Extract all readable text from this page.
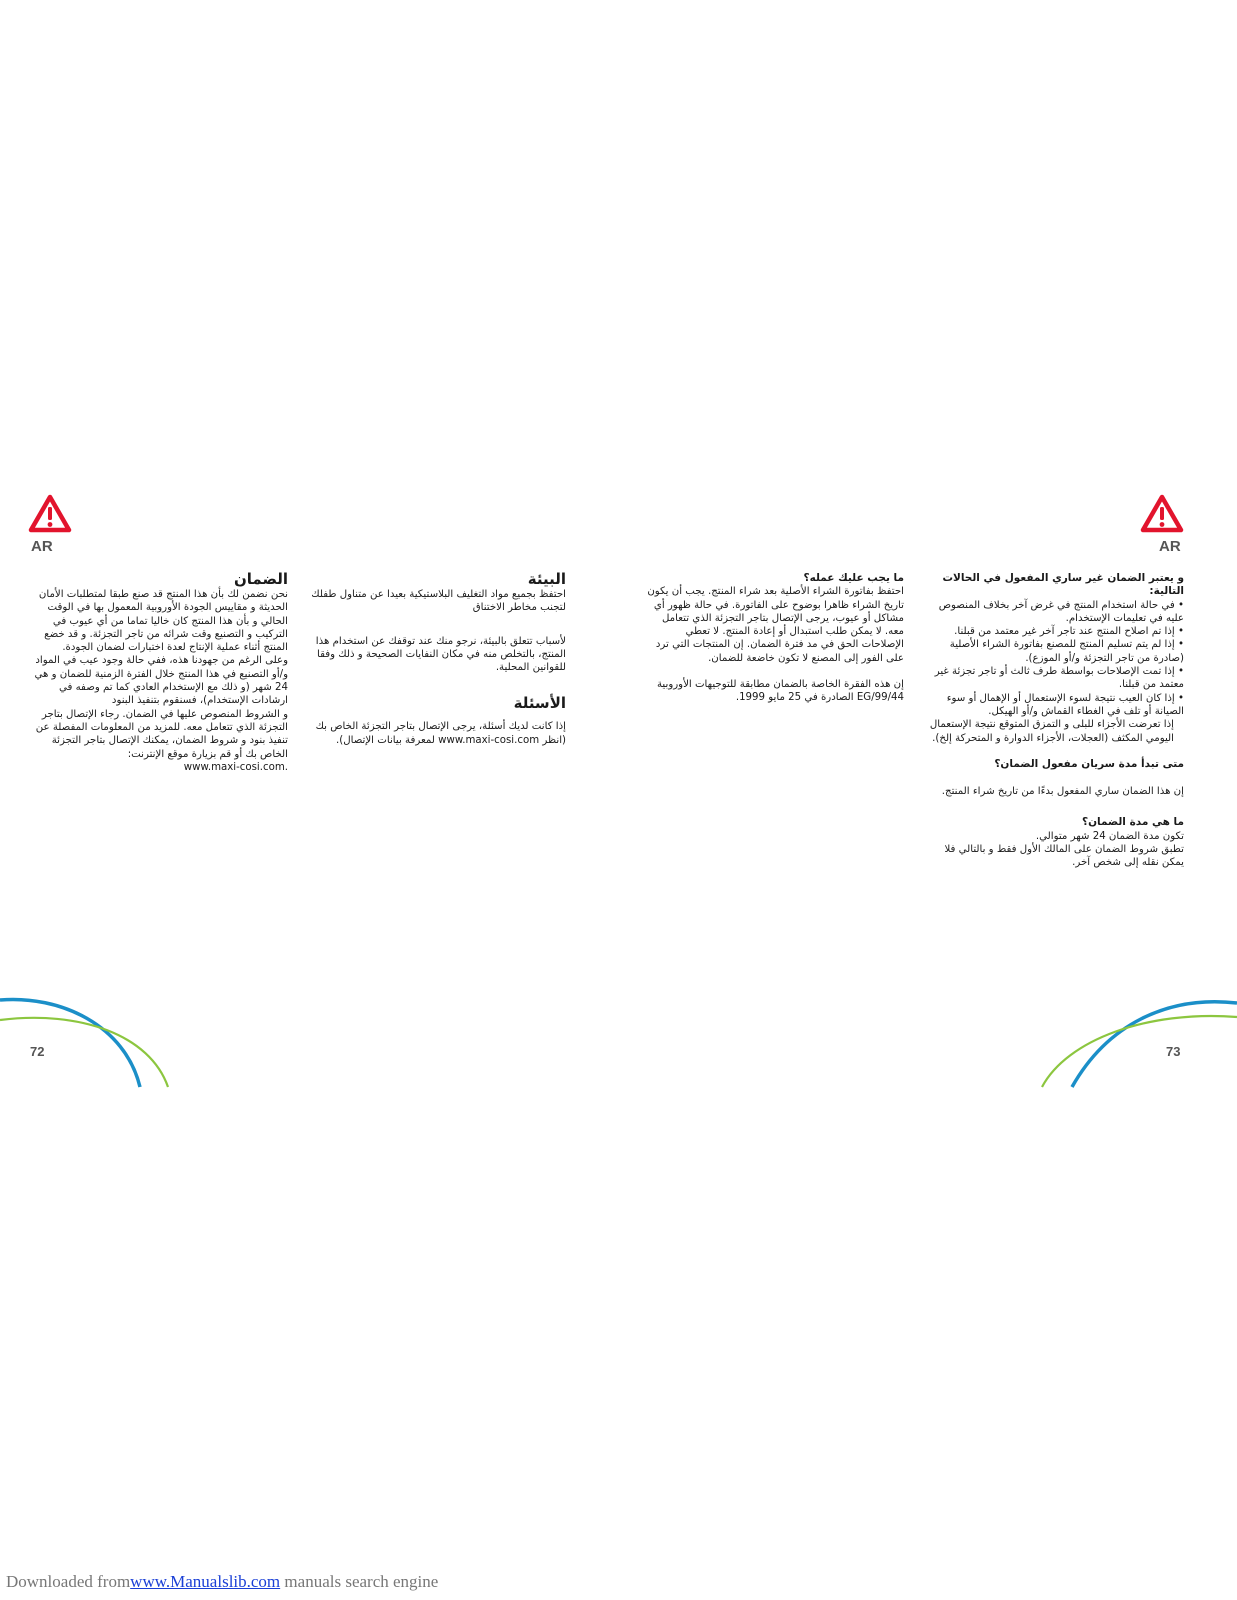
AR

الضمان

نحن نضمن لك بأن هذا المنتج قد صنع طبقا لمتطلبات الأمان الحديثة و مقاييس الجودة الأوروبية المعمول بها في الوقت الحالي و بأن هذا المنتج كان خاليا تماما من أي عيوب في التركيب و التصنيع وقت شرائه من تاجر التجزئة. و قد خضع المنتج أثناء عملية الإنتاج لعدة اختبارات لضمان الجودة.

وعلى الرغم من جهودنا هذه، ففي حالة وجود عيب في المواد و/أو التصنيع في هذا المنتج خلال الفترة الزمنية للضمان و هي 24 شهر (و ذلك مع الإستخدام العادي كما تم وصفه في ارشادات الإستخدام)، فسنقوم بتنفيذ البنود

و الشروط المنصوص عليها في الضمان. رجاء الإتصال بتاجر التجزئة الذي تتعامل معه. للمزيد من المعلومات المفصلة عن تنفيذ بنود و شروط الضمان، يمكنك الإتصال بتاجر التجزئة الخاص بك أو قم بزيارة موقع الإنترنت:

www.maxi-cosi.com.

البيئة

احتفظ بجميع مواد التغليف البلاستيكية بعيدا عن متناول طفلك لتجنب مخاطر الاختناق

لأسباب تتعلق بالبيئة، نرجو منك عند توقفك عن استخدام هذا المنتج، بالتخلص منه في مكان النفايات الصحيحة و ذلك وفقا للقوانين المحلية.

الأسئلة

إذا كانت لديك أسئلة، يرجى الإتصال بتاجر التجزئة الخاص بك (انظر www.maxi-cosi.com لمعرفة بيانات الإتصال).

72
AR

ما يجب عليك عمله؟

احتفظ بفاتورة الشراء الأصلية بعد شراء المنتج. يجب أن يكون تاريخ الشراء ظاهرا بوضوح على الفاتورة. في حالة ظهور أي مشاكل أو عيوب، يرجى الإتصال بتاجر التجزئة الذي تتعامل معه. لا يمكن طلب استبدال أو إعادة المنتج. لا تعطي الإصلاحات الحق في مد فترة الضمان. إن المنتجات التي ترد على الفور إلى المصنع لا تكون خاضعة للضمان.

إن هذه الفقرة الخاصة بالضمان مطابقة للتوجيهات الأوروبية EG/99/44 الصادرة في 25 مايو 1999.

و يعتبر الضمان غير ساري المفعول في الحالات التالية:

• في حالة استخدام المنتج في غرض آخر بخلاف المنصوص عليه في تعليمات الإستخدام.

• إذا تم اصلاح المنتج عند تاجر آخر غير معتمد من قبلنا.

• إذا لم يتم تسليم المنتج للمصنع بفاتورة الشراء الأصلية (صادرة من تاجر التجزئة و/أو الموزع).

• إذا تمت الإصلاحات بواسطة طرف ثالث أو تاجر تجزئة غير معتمد من قبلنا.

• إذا كان العيب نتيجة لسوء الإستعمال أو الإهمال أو سوء الصيانة أو تلف في الغطاء القماش و/أو الهيكل.

إذا تعرضت الأجزاء للبلى و التمزق المتوقع نتيجة الإستعمال اليومي المكثف (العجلات، الأجزاء الدوارة و المتحركة إلخ).

متى تبدأ مدة سريان مفعول الضمان؟

إن هذا الضمان ساري المفعول بدءًا من تاريخ شراء المنتج.

ما هي مدة الضمان؟

تكون مدة الضمان 24 شهر متوالي.

تطبق شروط الضمان على المالك الأول فقط و بالتالي فلا يمكن نقله إلى شخص آخر.

73
Downloaded fromwww.Manualslib.com manuals search engine
